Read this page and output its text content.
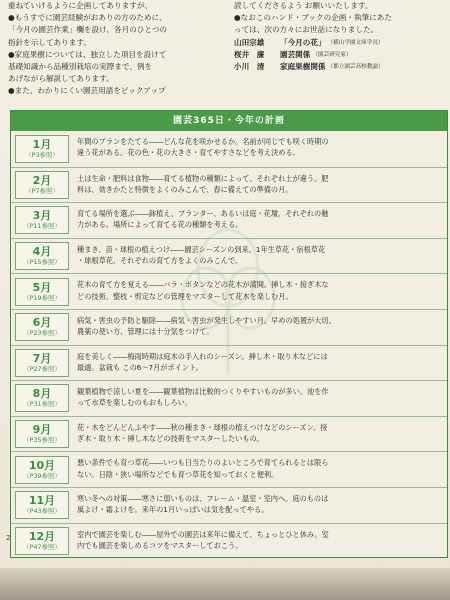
重ねていけるように企画してありますが、

●もうすでに園芸経験がおありの方のために、

「今月の園芸作業」欄を設け、各月のひとつの

指針を示してあります。

●家庭果樹については、独立した項目を設けて

基礎知識から品種別栽培の実際まで、例を

あげながら解説してあります。

●また、わかりにくい園芸用語をピックアップ

読してくださるよう お願いいたします。

●なおこのハンド・ブックの企画・執筆にあた

っては、次の方々にお世話になりました。

山田宗雄	「今月の花」 （横山学園文庫学長）
桜井　廉	園芸関係 （園芸研究家）
小川　清	家庭果樹関係 （都立園芸高校教諭）
園芸365日・今年の計画
1月
（P3参照）
年間のプランをたてる――どんな花を咲かせるか。名前が同じでも咲く時期の
違う花がある。花の色・花の大きさ・育てやすさなどを考え決める。
2月
（P7参照）
土は生命・肥料は食物――育てる植物の種類によって、それぞれ土が違う。肥
料は、効きかたと特徴をよくのみこんで、春に備えての準備の月。
3月
（P11参照）
育てる場所を選ぶ――鉢植え、プランター、あるいは庭・花壇、それぞれの魅
力がある。場所によって育てる花の種類を考える。
4月
（P15参照）
種まき、苗・球根の植えつけ――園芸シーズンの到来。1年生草花・宿根草花
・球根草花、それぞれの育て方をよくのみこんで。
5月
（P19参照）
花木の育て方を覚える――バラ・ボタンなどの花木が満開。挿し木・接ぎ木な
どの技術、整枝・剪定などの管理をマスターして花木を楽しむ月。
6月
（P23参照）
病気・害虫の予防と駆除――病気・害虫が発生しやすい月。早めの処置が大切。
農薬の使い方、管理には十分気をつけて。
7月
（P27参照）
庭を美しく――梅雨時期は庭木の手入れのシーズン。挿し木・取り木などには
最適。盆栽も この6～7月がポイント。
8月
（P31参照）
観葉植物で涼しい夏を――観葉植物は比較的つくりやすいものが多い。池を作
って水草を楽しむのもおもしろい。
9月
（P35参照）
花・木をどんどんふやす――秋の種まき・球根の植えつけなどのシーズン。接
ぎ木・取り木・挿し木などの技術をマスターしたいもの。
10月
（P39参照）
悪い条件でも育つ草花――いつも日当たりのよいところで育てられるとは限ら
ない。日陰・狭い場所などでも育つ草花を知っておくと便利。
11月
（P43参照）
寒い冬への対策――寒さに弱いものは、フレーム・温室・室内へ。庭のものは
風よけ・霜よけを。来年の1月いっぱいは気を配ってやる。
12月
（P47参照）
室内で園芸を楽しむ――屋外での園芸は来年に備えて、ちょっとひと休み。室
内でも園芸を楽しめるコツをマスターしておこう。
2
